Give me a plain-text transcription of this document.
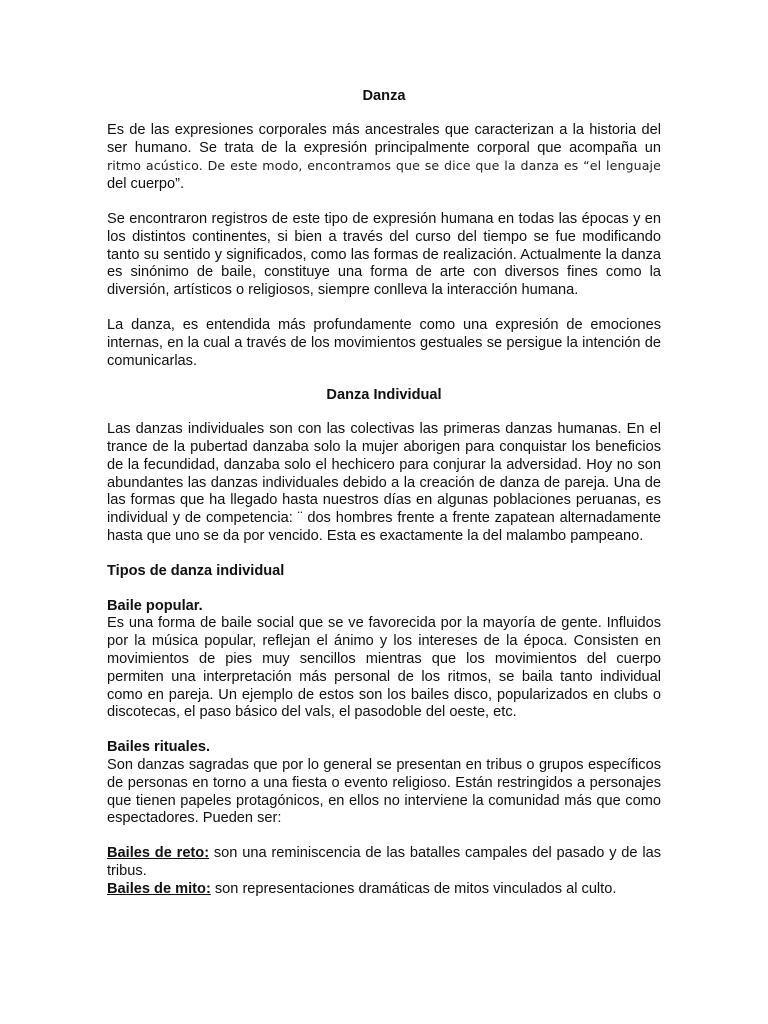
Danza

Es de las expresiones corporales más ancestrales que caracterizan a la historia del ser humano. Se trata de la expresión principalmente corporal que acompaña un ritmo acústico. De este modo, encontramos que se dice que la danza es “el lenguaje del cuerpo”.

Se encontraron registros de este tipo de expresión humana en todas las épocas y en los distintos continentes, si bien a través del curso del tiempo se fue modificando tanto su sentido y significados, como las formas de realización. Actualmente la danza es sinónimo de baile, constituye una forma de arte con diversos fines como la diversión, artísticos o religiosos, siempre conlleva la interacción humana.

La danza, es entendida más profundamente como una expresión de emociones internas, en la cual a través de los movimientos gestuales se persigue la intención de comunicarlas.

Danza Individual

Las danzas individuales son con las colectivas las primeras danzas humanas. En el trance de la pubertad danzaba solo la mujer aborigen para conquistar los beneficios de la fecundidad, danzaba solo el hechicero para conjurar la adversidad. Hoy no son abundantes las danzas individuales debido a la creación de danza de pareja. Una de las formas que ha llegado hasta nuestros días en algunas poblaciones peruanas, es individual y de competencia: ¨ dos hombres frente a frente zapatean alternadamente hasta que uno se da por vencido. Esta es exactamente la del malambo pampeano.

Tipos de danza individual
Baile popular.

Es una forma de baile social que se ve favorecida por la mayoría de gente. Influidos por la música popular, reflejan el ánimo y los intereses de la época. Consisten en movimientos de pies muy sencillos mientras que los movimientos del cuerpo permiten una interpretación más personal de los ritmos, se baila tanto individual como en pareja. Un ejemplo de estos son los bailes disco, popularizados en clubs o discotecas, el paso básico del vals, el pasodoble del oeste, etc.

Bailes rituales.

Son danzas sagradas que por lo general se presentan en tribus o grupos específicos de personas en torno a una fiesta o evento religioso. Están restringidos a personajes que tienen papeles protagónicos, en ellos no interviene la comunidad más que como espectadores. Pueden ser:

Bailes de reto: son una reminiscencia de las batalles campales del pasado y de las tribus.

Bailes de mito: son representaciones dramáticas de mitos vinculados al culto.
